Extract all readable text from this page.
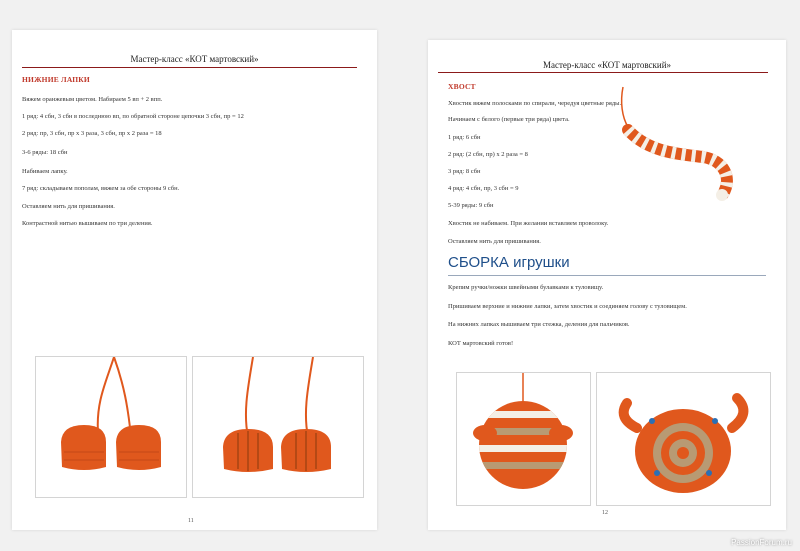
Мастер-класс «КОТ мартовский»
НИЖНИЕ ЛАПКИ
Вяжем оранжевым цветом. Набираем 5 вп + 2 впп.
1 ряд: 4 сбн, 3 сбн в последнюю вп, по обратной стороне цепочки 3 сбн, пр = 12
2 ряд: пр, 3 сбн, пр х 3 раза, 3 сбн, пр х 2 раза = 18
3-6 ряды: 18 сбн
Набиваем лапку.
7 ряд: складываем пополам, вяжем за обе стороны 9 сбн.
Оставляем нить для пришивания.
Контрастной нитью вышиваем по три деления.
11
Мастер-класс «КОТ мартовский»
ХВОСТ
Хвостик вяжем полосками по спирали, чередуя цветные ряды.
Начинаем с белого (первые три ряда) цвета.
1 ряд: 6 сбн
2 ряд: (2 сбн, пр) х 2 раза = 8
3 ряд: 8 сбн
4 ряд: 4 сбн, пр, 3 сбн = 9
5-39 ряды: 9 сбн
Хвостик не набиваем. При желании вставляем проволоку.
Оставляем нить для пришивания.
СБОРКА игрушки
Крепим ручки/ножки швейными булавками к туловищу.
Пришиваем верхние и нижние лапки, затем хвостик и соединяем голову с туловищем.
На нижних лапках вышиваем три стежка, деления для пальчиков.
КОТ мартовский готов!
12
PassionForum.ru
